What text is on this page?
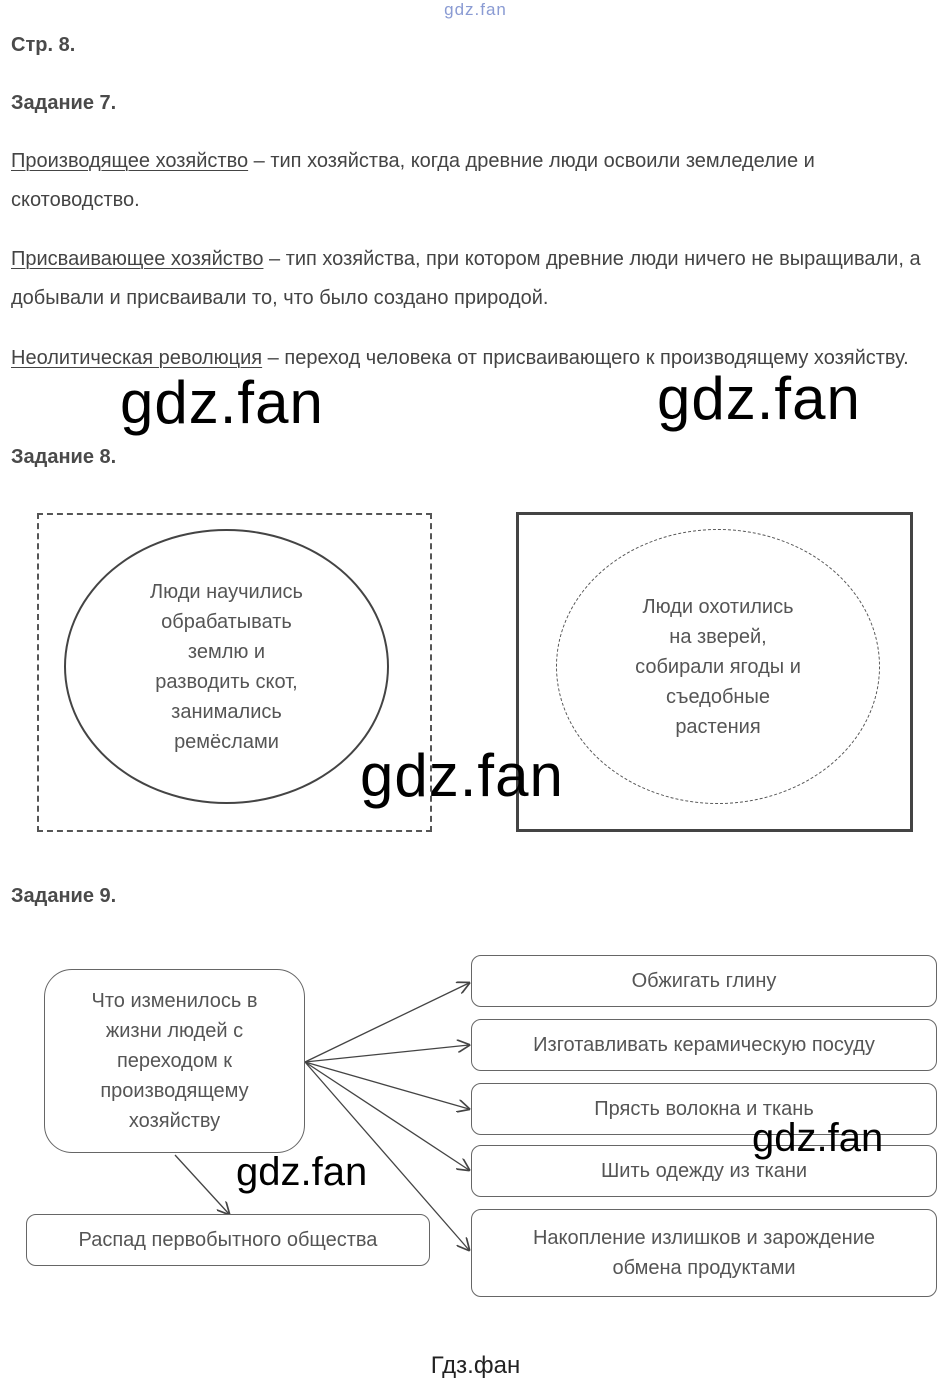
gdz.fan
Стр. 8.
Задание 7.
Производящее хозяйство – тип хозяйства, когда древние люди освоили земледелие и скотоводство.
Присваивающее хозяйство – тип хозяйства, при котором древние люди ничего не выращивали, а добывали и присваивали то, что было создано природой.
Неолитическая революция – переход человека от присваивающего к производящему хозяйству.
gdz.fan	gdz.fan
Задание 8.
Люди научились
обрабатывать
землю и
разводить скот,
занимались
ремёслами
Люди охотились
на зверей,
собирали ягоды и
съедобные
растения
gdz.fan
Задание 9.
Что изменилось в
жизни людей с
переходом к
производящему
хозяйству
Распад первобытного общества
Обжигать глину
Изготавливать керамическую посуду
Прясть волокна и ткань
Шить одежду из ткани
Накопление излишков и зарождение
обмена продуктами
gdz.fan
gdz.fan
Гдз.фан
